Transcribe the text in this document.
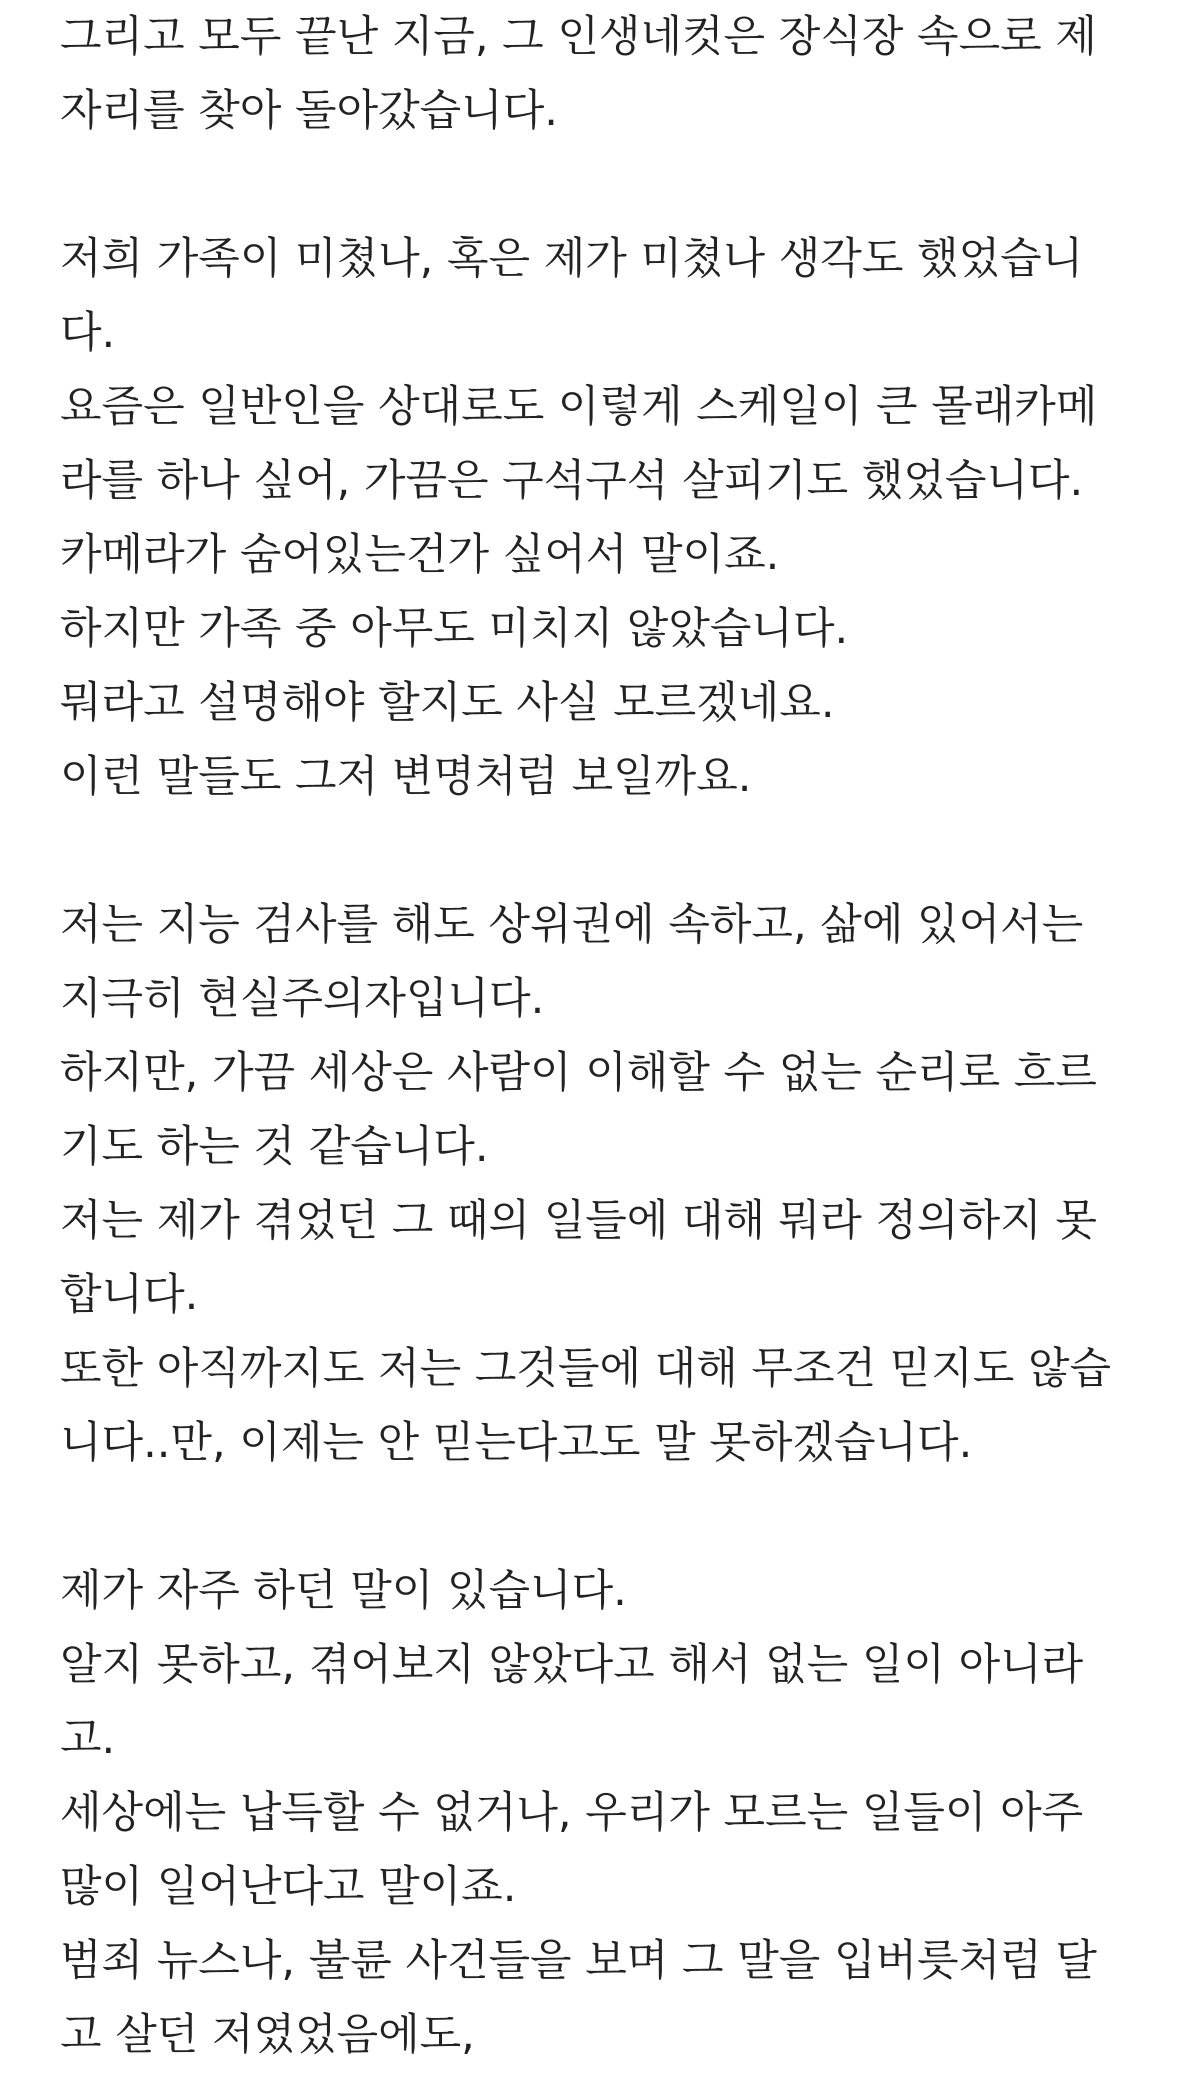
그리고 모두 끝난 지금, 그 인생네컷은 장식장 속으로 제
자리를 찾아 돌아갔습니다.
저희 가족이 미쳤나, 혹은 제가 미쳤나 생각도 했었습니
다.
요즘은 일반인을 상대로도 이렇게 스케일이 큰 몰래카메
라를 하나 싶어, 가끔은 구석구석 살피기도 했었습니다.
카메라가 숨어있는건가 싶어서 말이죠.
하지만 가족 중 아무도 미치지 않았습니다.
뭐라고 설명해야 할지도 사실 모르겠네요.
이런 말들도 그저 변명처럼 보일까요.
저는 지능 검사를 해도 상위권에 속하고, 삶에 있어서는
지극히 현실주의자입니다.
하지만, 가끔 세상은 사람이 이해할 수 없는 순리로 흐르
기도 하는 것 같습니다.
저는 제가 겪었던 그 때의 일들에 대해 뭐라 정의하지 못
합니다.
또한 아직까지도 저는 그것들에 대해 무조건 믿지도 않습
니다..만, 이제는 안 믿는다고도 말 못하겠습니다.
제가 자주 하던 말이 있습니다.
알지 못하고, 겪어보지 않았다고 해서 없는 일이 아니라
고.
세상에는 납득할 수 없거나, 우리가 모르는 일들이 아주
많이 일어난다고 말이죠.
범죄 뉴스나, 불륜 사건들을 보며 그 말을 입버릇처럼 달
고 살던 저였었음에도,
